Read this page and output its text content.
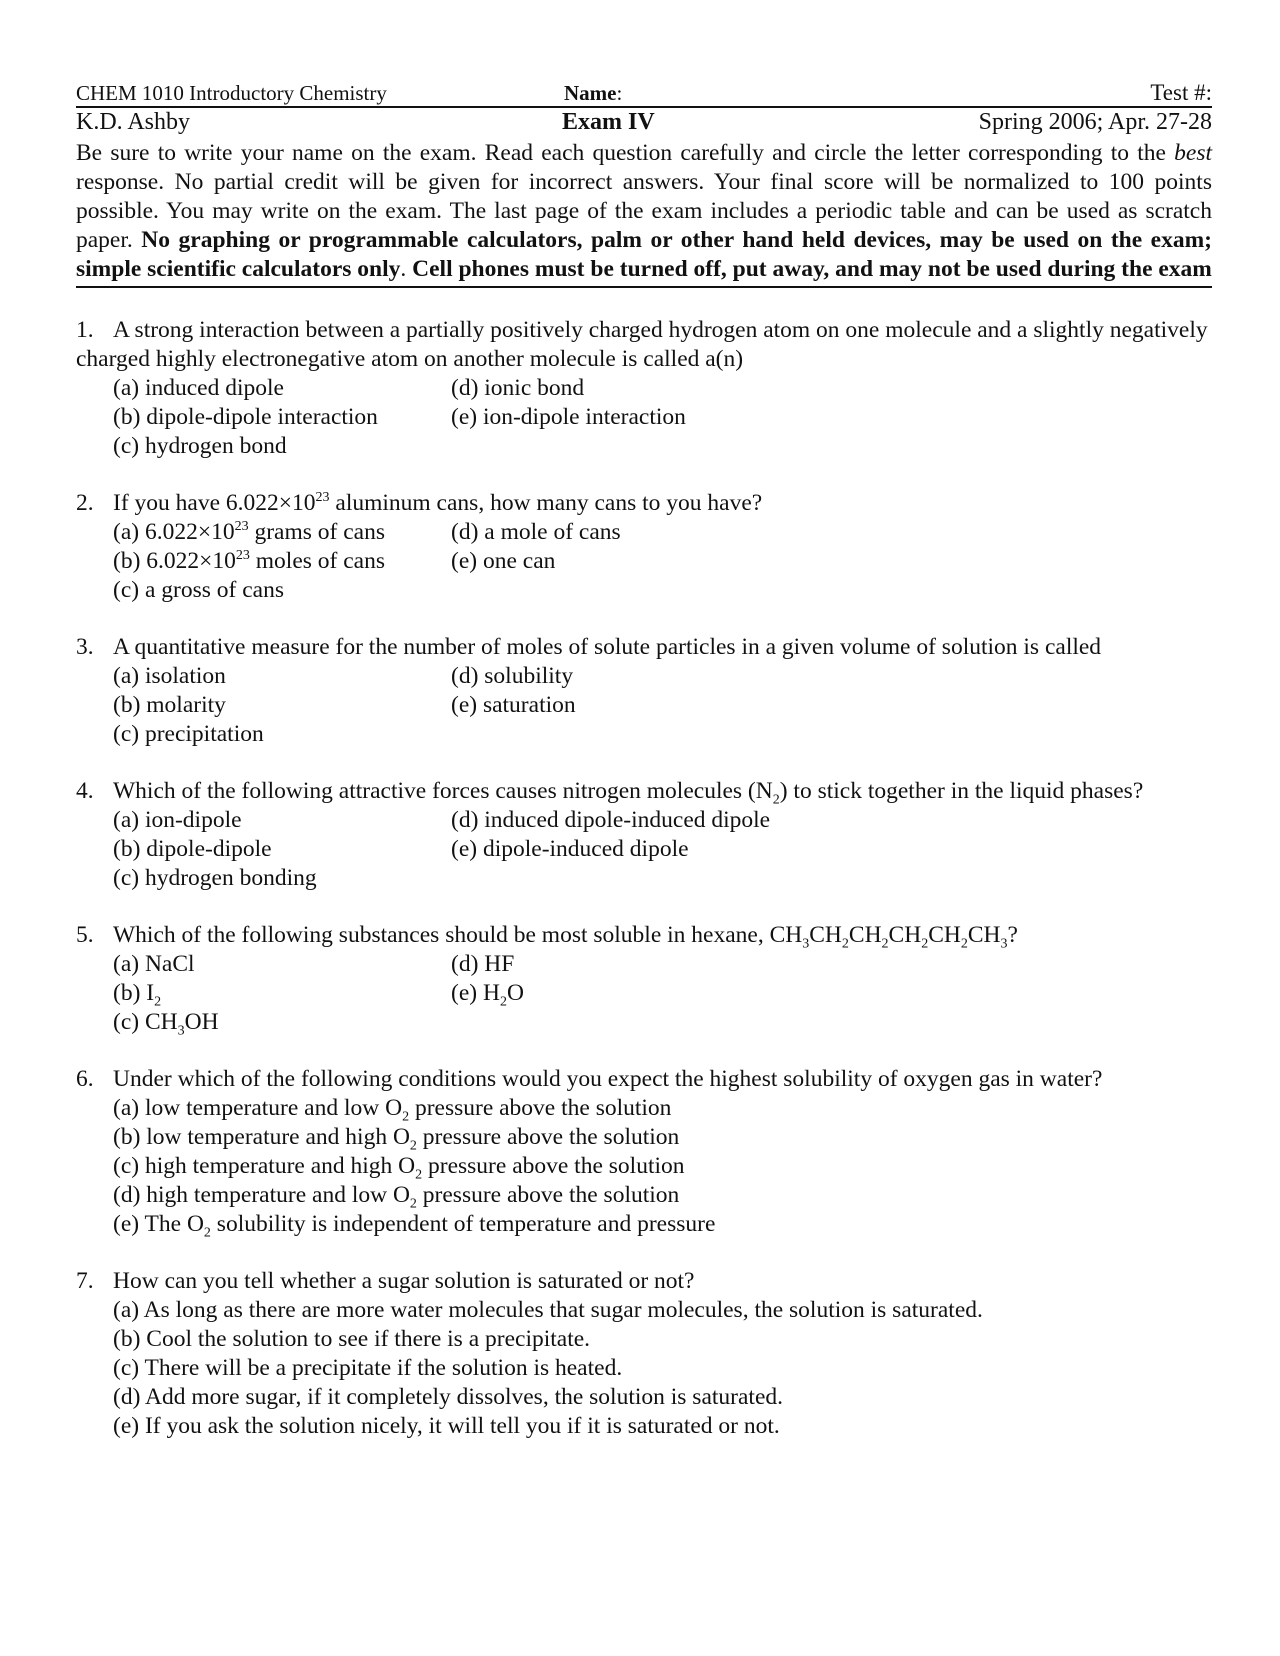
CHEM 1010 Introductory Chemistry	Name:	Test #:
K.D. Ashby	Exam IV	Spring 2006; Apr. 27-28
Be sure to write your name on the exam. Read each question carefully and circle the letter corresponding to the best response. No partial credit will be given for incorrect answers. Your final score will be normalized to 100 points possible. You may write on the exam. The last page of the exam includes a periodic table and can be used as scratch paper. No graphing or programmable calculators, palm or other hand held devices, may be used on the exam; simple scientific calculators only. Cell phones must be turned off, put away, and may not be used during the exam
1. A strong interaction between a partially positively charged hydrogen atom on one molecule and a slightly negatively charged highly electronegative atom on another molecule is called a(n)
(a) induced dipole	(d) ionic bond
(b) dipole-dipole interaction	(e) ion-dipole interaction
(c) hydrogen bond
2. If you have $6.022\times 10^{23}$ aluminum cans, how many cans to you have?
(a) $6.022\times 10^{23}$ grams of cans	(d) a mole of cans
(b) $6.022\times 10^{23}$ moles of cans	(e) one can
(c) a gross of cans
3. A quantitative measure for the number of moles of solute particles in a given volume of solution is called
(a) isolation	(d) solubility
(b) molarity	(e) saturation
(c) precipitation
4. Which of the following attractive forces causes nitrogen molecules $(N_2)$ to stick together in the liquid phases?
(a) ion-dipole	(d) induced dipole-induced dipole
(b) dipole-dipole	(e) dipole-induced dipole
(c) hydrogen bonding
5. Which of the following substances should be most soluble in hexane, $CH_3CH_2CH_2CH_2CH_2CH_3$?
(a) NaCl	(d) HF
(b) $I_2$	(e) $H_2O$
(c) $CH_3OH$
6. Under which of the following conditions would you expect the highest solubility of oxygen gas in water?
(a) low temperature and low $O_2$ pressure above the solution
(b) low temperature and high $O_2$ pressure above the solution
(c) high temperature and high $O_2$ pressure above the solution
(d) high temperature and low $O_2$ pressure above the solution
(e) The $O_2$ solubility is independent of temperature and pressure
7. How can you tell whether a sugar solution is saturated or not?
(a) As long as there are more water molecules that sugar molecules, the solution is saturated.
(b) Cool the solution to see if there is a precipitate.
(c) There will be a precipitate if the solution is heated.
(d) Add more sugar, if it completely dissolves, the solution is saturated.
(e) If you ask the solution nicely, it will tell you if it is saturated or not.
